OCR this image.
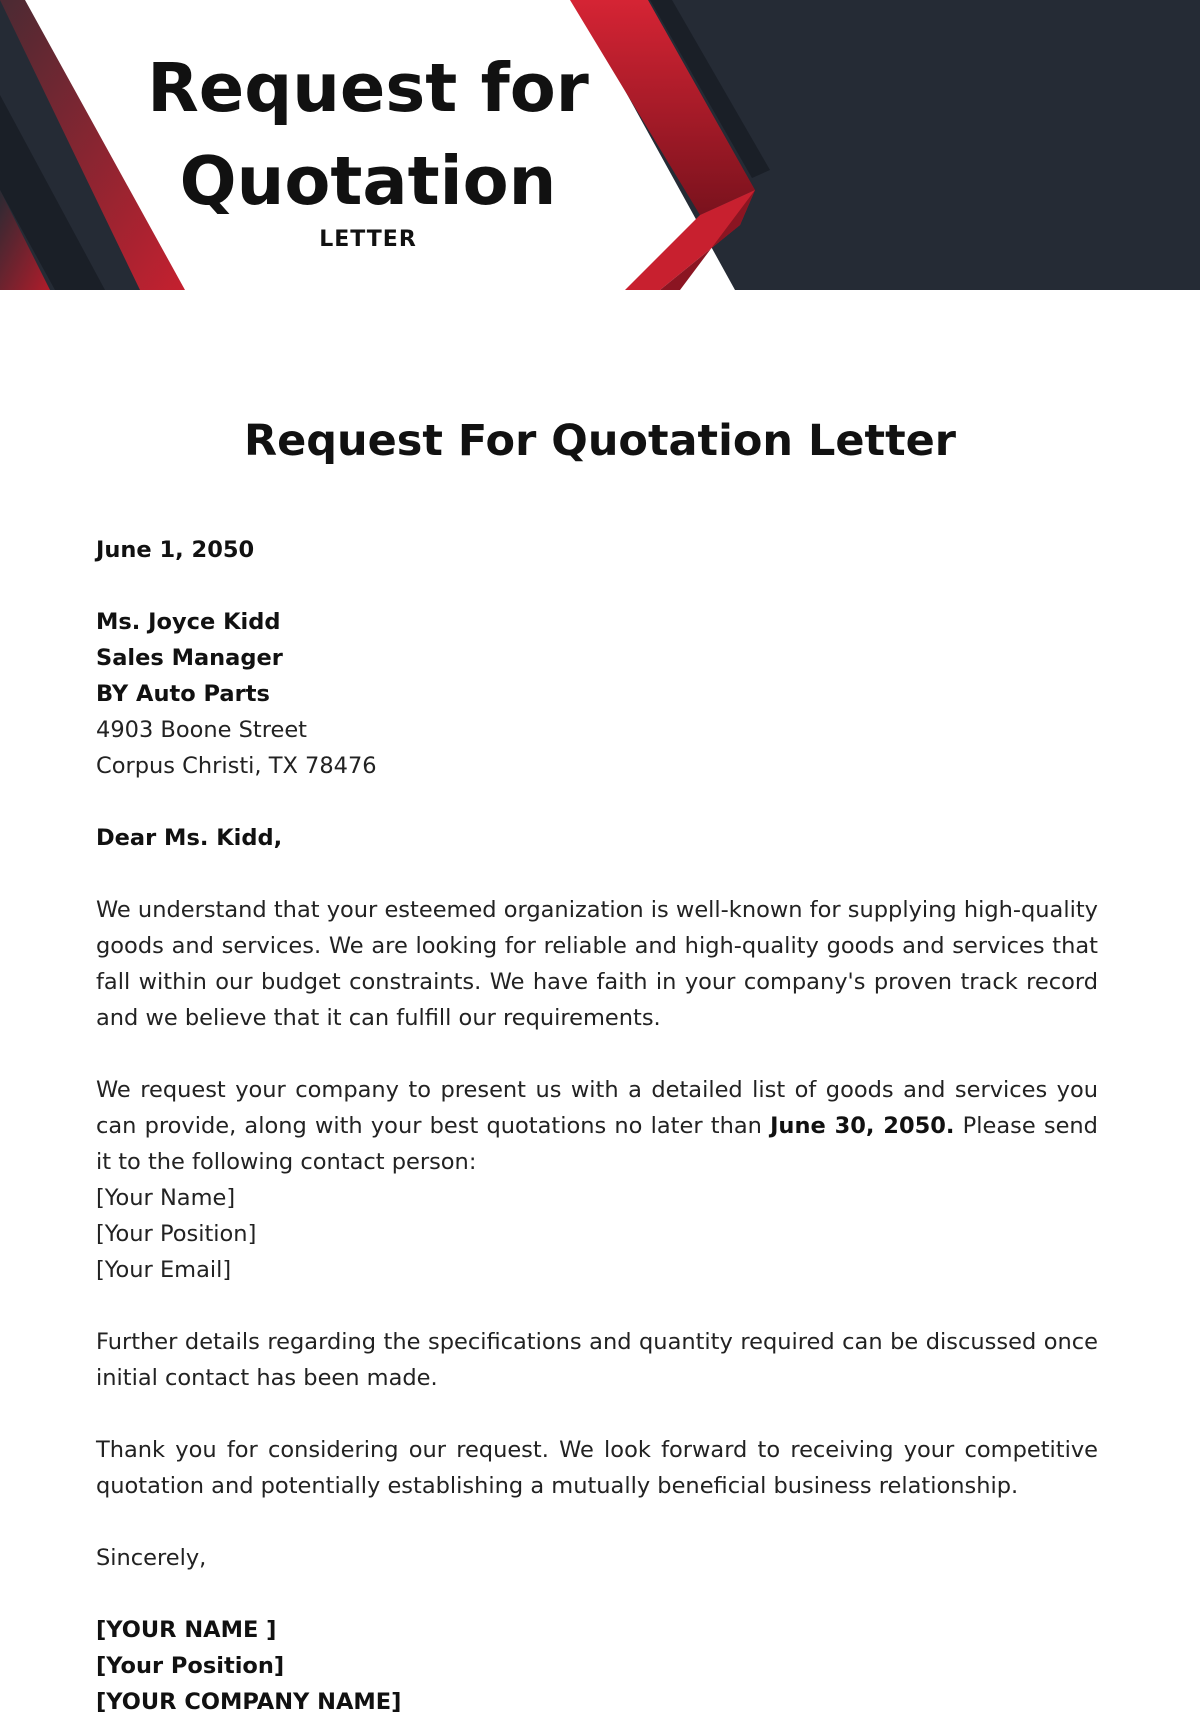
Request for
Quotation
LETTER
Request For Quotation Letter
June 1, 2050
Ms. Joyce Kidd
Sales Manager
BY Auto Parts
4903 Boone Street
Corpus Christi, TX 78476
Dear Ms. Kidd,

We understand that your esteemed organization is well-known for supplying high-quality goods and services. We are looking for reliable and high-quality goods and services that fall within our budget constraints. We have faith in your company's proven track record and we believe that it can fulfill our requirements.

We request your company to present us with a detailed list of goods and services you can provide, along with your best quotations no later than June 30, 2050. Please send it to the following contact person:

[Your Name]
[Your Position]
[Your Email]

Further details regarding the specifications and quantity required can be discussed once initial contact has been made.

Thank you for considering our request. We look forward to receiving your competitive quotation and potentially establishing a mutually beneficial business relationship.

Sincerely,
[YOUR NAME ]
[Your Position]
[YOUR COMPANY NAME]
